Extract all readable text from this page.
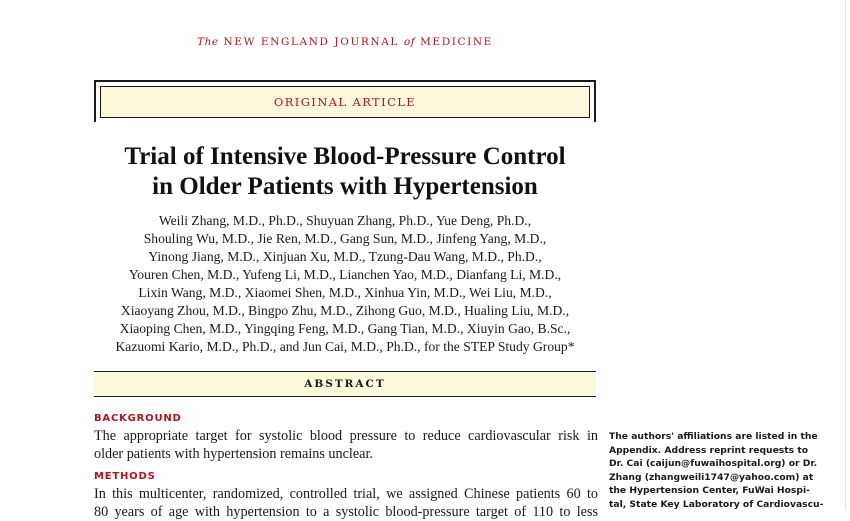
The NEW ENGLAND JOURNAL of MEDICINE
ORIGINAL ARTICLE
Trial of Intensive Blood-Pressure Control
in Older Patients with Hypertension
Weili Zhang, M.D., Ph.D., Shuyuan Zhang, Ph.D., Yue Deng, Ph.D.,
Shouling Wu, M.D., Jie Ren, M.D., Gang Sun, M.D., Jinfeng Yang, M.D.,
Yinong Jiang, M.D., Xinjuan Xu, M.D., Tzung-Dau Wang, M.D., Ph.D.,
Youren Chen, M.D., Yufeng Li, M.D., Lianchen Yao, M.D., Dianfang Li, M.D.,
Lixin Wang, M.D., Xiaomei Shen, M.D., Xinhua Yin, M.D., Wei Liu, M.D.,
Xiaoyang Zhou, M.D., Bingpo Zhu, M.D., Zihong Guo, M.D., Hualing Liu, M.D.,
Xiaoping Chen, M.D., Yingqing Feng, M.D., Gang Tian, M.D., Xiuyin Gao, B.Sc.,
Kazuomi Kario, M.D., Ph.D., and Jun Cai, M.D., Ph.D., for the STEP Study Group*
ABSTRACT
BACKGROUND
The appropriate target for systolic blood pressure to reduce cardiovascular risk in
older patients with hypertension remains unclear.
METHODS
In this multicenter, randomized, controlled trial, we assigned Chinese patients 60 to
80 years of age with hypertension to a systolic blood-pressure target of 110 to less
The authors' affiliations are listed in the
Appendix. Address reprint requests to
Dr. Cai (caijun@fuwaihospital.org) or Dr.
Zhang (zhangweili1747@yahoo.com) at
the Hypertension Center, FuWai Hospi-
tal, State Key Laboratory of Cardiovascu-
